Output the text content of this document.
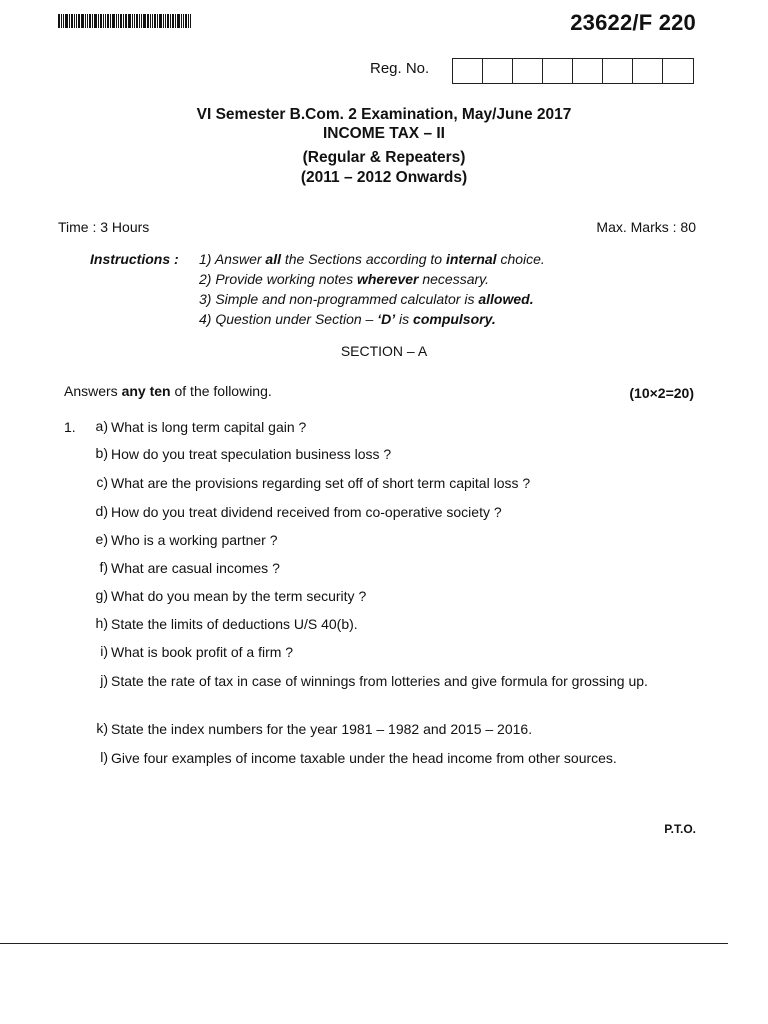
23622/F 220
Reg. No.
VI Semester B.Com. 2 Examination, May/June 2017
INCOME TAX – II
(Regular & Repeaters)
(2011 – 2012 Onwards)
Time : 3 Hours	Max. Marks : 80
Instructions : 1) Answer all the Sections according to internal choice.
2) Provide working notes wherever necessary.
3) Simple and non-programmed calculator is allowed.
4) Question under Section – ‘D’ is compulsory.
SECTION – A
Answers any ten of the following.	(10×2=20)
1.	a) What is long term capital gain ?
b) How do you treat speculation business loss ?
c) What are the provisions regarding set off of short term capital loss ?
d) How do you treat dividend received from co-operative society ?
e) Who is a working partner ?
f) What are casual incomes ?
g) What do you mean by the term security ?
h) State the limits of deductions U/S 40(b).
i) What is book profit of a firm ?
j) State the rate of tax in case of winnings from lotteries and give formula for grossing up.
k) State the index numbers for the year 1981 – 1982 and 2015 – 2016.
l) Give four examples of income taxable under the head income from other sources.
P.T.O.
